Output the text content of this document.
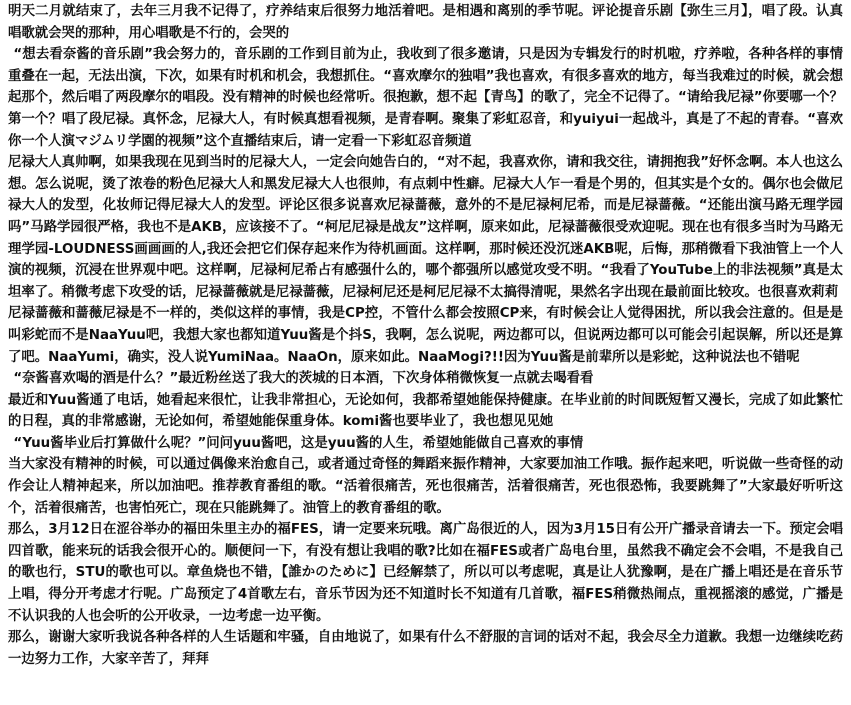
明天二月就结束了，去年三月我不记得了，疗养结束后很努力地活着吧。是相遇和离别的季节呢。评论提音乐剧【弥生三月】，唱了段。认真唱歌就会哭的那种，用心唱歌是不行的，会哭的

“想去看奈酱的音乐剧”我会努力的，音乐剧的工作到目前为止，我收到了很多邀请，只是因为专辑发行的时机啦，疗养啦，各种各样的事情重叠在一起，无法出演，下次，如果有时机和机会，我想抓住。“喜欢摩尔的独唱”我也喜欢，有很多喜欢的地方，每当我难过的时候，就会想起那个，然后唱了两段摩尔的唱段。没有精神的时候也经常听。很抱歉，想不起【青鸟】的歌了，完全不记得了。“请给我尼禄”你要哪一个？第一个？唱了段尼禄。真怀念，尼禄大人，有时候真想看视频，是青春啊。聚集了彩虹忍音，和yuiyui一起战斗，真是了不起的青春。“喜欢你一个人演マジムリ学園的视频”这个直播结束后，请一定看一下彩虹忍音频道

尼禄大人真帅啊，如果我现在见到当时的尼禄大人，一定会向她告白的，“对不起，我喜欢你，请和我交往，请拥抱我”好怀念啊。本人也这么想。怎么说呢，烫了浓卷的粉色尼禄大人和黑发尼禄大人也很帅，有点刺中性癖。尼禄大人乍一看是个男的，但其实是个女的。偶尔也会做尼禄大人的发型，化妆师记得尼禄大人的发型。评论区很多说喜欢尼禄蔷薇，意外的不是尼禄柯尼希，而是尼禄蔷薇。“还能出演马路无理学园吗”马路学园很严格，我也不是AKB，应该接不了。“柯尼尼禄是战友”这样啊，原来如此，尼禄蔷薇很受欢迎呢。现在也有很多当时为马路无理学园-LOUDNESS画画画的人,我还会把它们保存起来作为待机画面。这样啊，那时候还没沉迷AKB呢，后悔，那稍微看下我油管上一个人演的视频，沉浸在世界观中吧。这样啊，尼禄柯尼希占有感强什么的，哪个都强所以感觉攻受不明。“我看了YouTube上的非法视频”真是太坦率了。稍微考虑下攻受的话，尼禄蔷薇就是尼禄蔷薇，尼禄柯尼还是柯尼尼禄不太搞得清呢，果然名字出现在最前面比较攻。也很喜欢莉莉

尼禄蔷薇和蔷薇尼禄是不一样的，类似这样的事情，我是CP控，不管什么都会按照CP来，有时候会让人觉得困扰，所以我会注意的。但是是叫彩蛇而不是NaaYuu吧，我想大家也都知道Yuu酱是个抖S，我啊，怎么说呢，两边都可以，但说两边都可以可能会引起误解，所以还是算了吧。NaaYumi，确实，没人说YumiNaa。NaaOn，原来如此。NaaMogi?!!因为Yuu酱是前辈所以是彩蛇，这种说法也不错呢

“奈酱喜欢喝的酒是什么？”最近粉丝送了我大的茨城的日本酒，下次身体稍微恢复一点就去喝看看

最近和Yuu酱通了电话，她看起来很忙，让我非常担心，无论如何，我都希望她能保持健康。在毕业前的时间既短暂又漫长，完成了如此繁忙的日程，真的非常感谢，无论如何，希望她能保重身体。komi酱也要毕业了，我也想见见她

“Yuu酱毕业后打算做什么呢？”问问yuu酱吧，这是yuu酱的人生，希望她能做自己喜欢的事情

当大家没有精神的时候，可以通过偶像来治愈自己，或者通过奇怪的舞蹈来振作精神，大家要加油工作哦。振作起来吧，听说做一些奇怪的动作会让人精神起来，所以加油吧。推荐教育番组的歌。“活着很痛苦，死也很痛苦，活着很痛苦，死也很恐怖，我要跳舞了”大家最好听听这个，活着很痛苦，也害怕死亡，现在只能跳舞了。油管上的教育番组的歌。

那么，3月12日在涩谷举办的福田朱里主办的福FES，请一定要来玩哦。离广岛很近的人，因为3月15日有公开广播录音请去一下。预定会唱四首歌，能来玩的话我会很开心的。顺便问一下，有没有想让我唱的歌?比如在福FES或者广岛电台里，虽然我不确定会不会唱，不是我自己的歌也行，STU的歌也可以。章鱼烧也不错，【誰かのために】已经解禁了，所以可以考虑呢，真是让人犹豫啊，是在广播上唱还是在音乐节上唱，得分开考虑才行呢。广岛预定了4首歌左右，音乐节因为还不知道时长不知道有几首歌，福FES稍微热闹点，重视摇滚的感觉，广播是不认识我的人也会听的公开收录，一边考虑一边平衡。

那么，谢谢大家听我说各种各样的人生话题和牢骚，自由地说了，如果有什么不舒服的言词的话对不起，我会尽全力道歉。我想一边继续吃药一边努力工作，大家辛苦了，拜拜
